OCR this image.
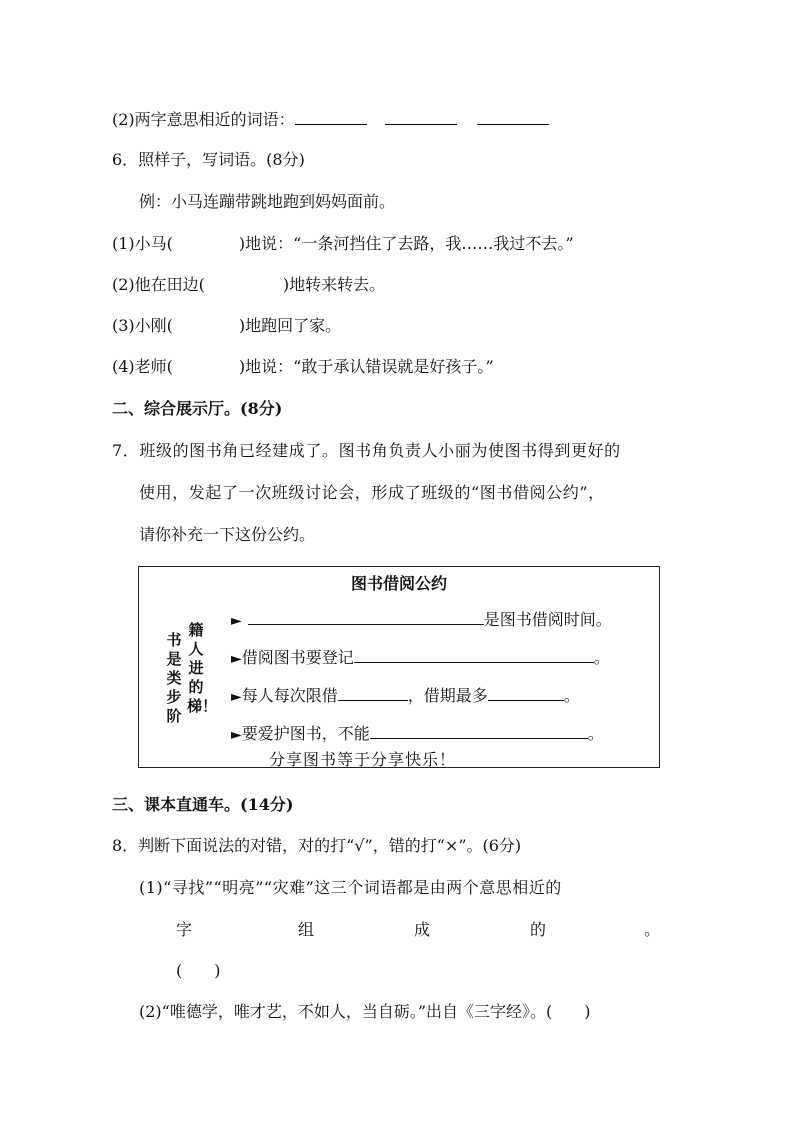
(2)两字意思相近的词语：
6．照样子，写词语。(8分)
例：小马连蹦带跳地跑到妈妈面前。
(1)小马(	)地说：“一条河挡住了去路，我……我过不去。”
(2)他在田边(	)地转来转去。
(3)小刚(	)地跑回了家。
(4)老师(	)地说：“敢于承认错误就是好孩子。”
二、综合展示厅。(8分)
7．班级的图书角已经建成了。图书角负责人小丽为使图书得到更好的
使用，发起了一次班级讨论会，形成了班级的“图书借阅公约”，
请你补充一下这份公约。
图书借阅公约
书
是
类
步
阶
籍
人
进
的
梯！
►	是图书借阅时间。
►借阅图书要登记	。
►每人每次限借	，借期最多	。
►要爱护图书，不能	。
分享图书等于分享快乐！
三、课本直通车。(14分)
8．判断下面说法的对错，对的打“√”，错的打“×”。(6分)
(1)“寻找”“明亮”“灾难”这三个词语都是由两个意思相近的
字	组	成	的	。
(　　)
(2)“唯德学，唯才艺，不如人，当自砺。”出自《三字经》。(　　)
